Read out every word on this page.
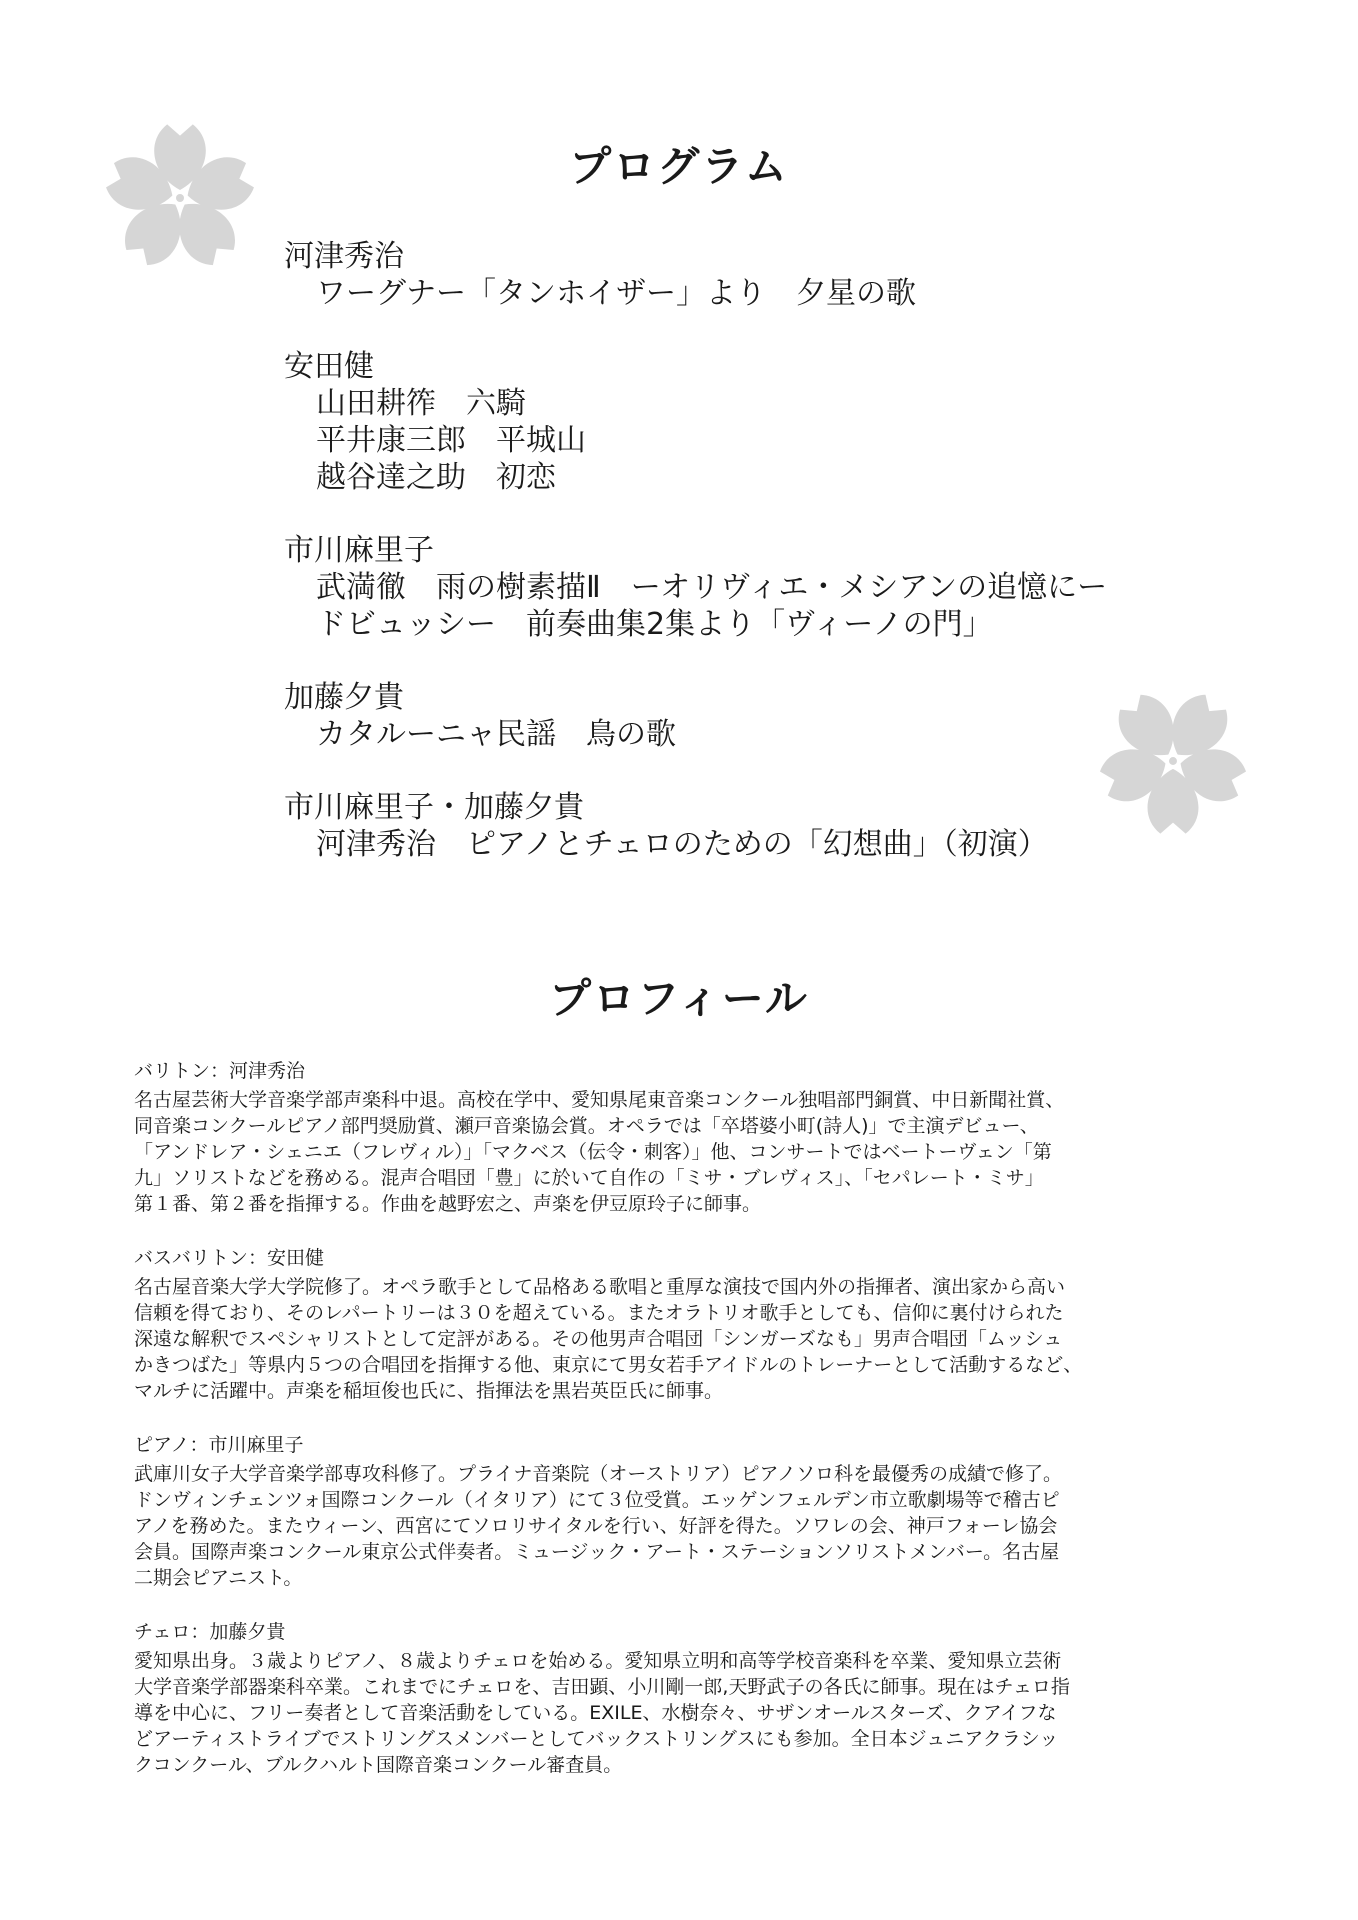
プログラム
河津秀治
ワーグナー「タンホイザー」より　夕星の歌
安田健
山田耕筰　六騎
平井康三郎　平城山
越谷達之助　初恋
市川麻里子
武満徹　雨の樹素描Ⅱ　ーオリヴィエ・メシアンの追憶にー
ドビュッシー　前奏曲集2集より「ヴィーノの門」
加藤夕貴
カタルーニャ民謡　鳥の歌
市川麻里子・加藤夕貴
河津秀治　ピアノとチェロのための「幻想曲」（初演）
プロフィール
バリトン：河津秀治
名古屋芸術大学音楽学部声楽科中退。高校在学中、愛知県尾東音楽コンクール独唱部門銅賞、中日新聞社賞、
同音楽コンクールピアノ部門奨励賞、瀬戸音楽協会賞。オペラでは「卒塔婆小町(詩人)」で主演デビュー、
「アンドレア・シェニエ（フレヴィル）」「マクベス（伝令・刺客）」他、コンサートではベートーヴェン「第
九」ソリストなどを務める。混声合唱団「豊」に於いて自作の「ミサ・ブレヴィス」、「セパレート・ミサ」
第１番、第２番を指揮する。作曲を越野宏之、声楽を伊豆原玲子に師事。
バスバリトン：安田健
名古屋音楽大学大学院修了。オペラ歌手として品格ある歌唱と重厚な演技で国内外の指揮者、演出家から高い
信頼を得ており、そのレパートリーは３０を超えている。またオラトリオ歌手としても、信仰に裏付けられた
深遠な解釈でスペシャリストとして定評がある。その他男声合唱団「シンガーズなも」男声合唱団「ムッシュ
かきつばた」等県内５つの合唱団を指揮する他、東京にて男女若手アイドルのトレーナーとして活動するなど、
マルチに活躍中。声楽を稲垣俊也氏に、指揮法を黒岩英臣氏に師事。
ピアノ：市川麻里子
武庫川女子大学音楽学部専攻科修了。プライナ音楽院（オーストリア）ピアノソロ科を最優秀の成績で修了。
ドンヴィンチェンツォ国際コンクール（イタリア）にて３位受賞。エッゲンフェルデン市立歌劇場等で稽古ピ
アノを務めた。またウィーン、西宮にてソロリサイタルを行い、好評を得た。ソワレの会、神戸フォーレ協会
会員。国際声楽コンクール東京公式伴奏者。ミュージック・アート・ステーションソリストメンバー。名古屋
二期会ピアニスト。
チェロ：加藤夕貴
愛知県出身。３歳よりピアノ、８歳よりチェロを始める。愛知県立明和高等学校音楽科を卒業、愛知県立芸術
大学音楽学部器楽科卒業。これまでにチェロを、吉田顕、小川剛一郎,天野武子の各氏に師事。現在はチェロ指
導を中心に、フリー奏者として音楽活動をしている。EXILE、水樹奈々、サザンオールスターズ、クアイフな
どアーティストライブでストリングスメンバーとしてバックストリングスにも参加。全日本ジュニアクラシッ
クコンクール、ブルクハルト国際音楽コンクール審査員。
